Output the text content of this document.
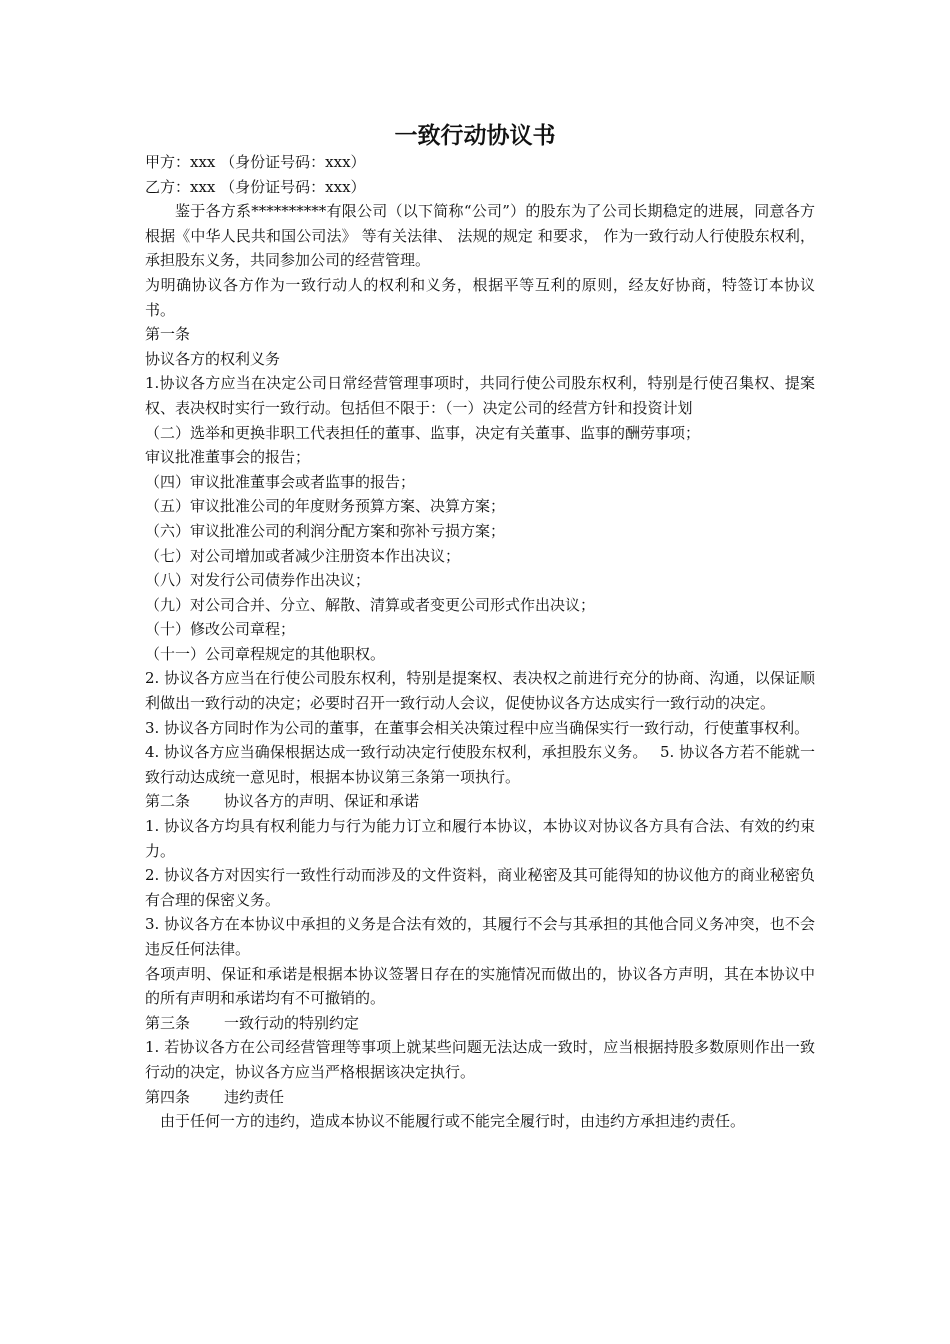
一致行动协议书

甲方：xxx （身份证号码：xxx）

乙方：xxx （身份证号码：xxx）

鉴于各方系**********有限公司（以下简称“公司”）的股东为了公司长期稳定的进展，同意各方根据《中华人民共和国公司法》 等有关法律、 法规的规定 和要求， 作为一致行动人行使股东权利，承担股东义务，共同参加公司的经营管理。

为明确协议各方作为一致行动人的权利和义务，根据平等互利的原则，经友好协商，特签订本协议书。

第一条

协议各方的权利义务

1.协议各方应当在决定公司日常经营管理事项时，共同行使公司股东权利，特别是行使召集权、提案权、表决权时实行一致行动。包括但不限于：（一）决定公司的经营方针和投资计划

（二）选举和更换非职工代表担任的董事、监事，决定有关董事、监事的酬劳事项；

审议批准董事会的报告；

（四）审议批准董事会或者监事的报告；

（五）审议批准公司的年度财务预算方案、决算方案；

（六）审议批准公司的利润分配方案和弥补亏损方案；

（七）对公司增加或者减少注册资本作出决议；

（八）对发行公司债券作出决议；

（九）对公司合并、分立、解散、清算或者变更公司形式作出决议；

（十）修改公司章程；

（十一）公司章程规定的其他职权。

2. 协议各方应当在行使公司股东权利，特别是提案权、表决权之前进行充分的协商、沟通，以保证顺利做出一致行动的决定；必要时召开一致行动人会议，促使协议各方达成实行一致行动的决定。

3. 协议各方同时作为公司的董事，在董事会相关决策过程中应当确保实行一致行动，行使董事权利。

4. 协议各方应当确保根据达成一致行动决定行使股东权利，承担股东义务。　 5. 协议各方若不能就一致行动达成统一意见时，根据本协议第三条第一项执行。

第二条 协议各方的声明、保证和承诺

1. 协议各方均具有权利能力与行为能力订立和履行本协议，本协议对协议各方具有合法、有效的约束力。

2. 协议各方对因实行一致性行动而涉及的文件资料，商业秘密及其可能得知的协议他方的商业秘密负有合理的保密义务。

3. 协议各方在本协议中承担的义务是合法有效的，其履行不会与其承担的其他合同义务冲突，也不会违反任何法律。

各项声明、保证和承诺是根据本协议签署日存在的实施情况而做出的，协议各方声明，其在本协议中的所有声明和承诺均有不可撤销的。

第三条 一致行动的特别约定

1. 若协议各方在公司经营管理等事项上就某些问题无法达成一致时，应当根据持股多数原则作出一致行动的决定，协议各方应当严格根据该决定执行。

第四条 违约责任

由于任何一方的违约，造成本协议不能履行或不能完全履行时，由违约方承担违约责任。
